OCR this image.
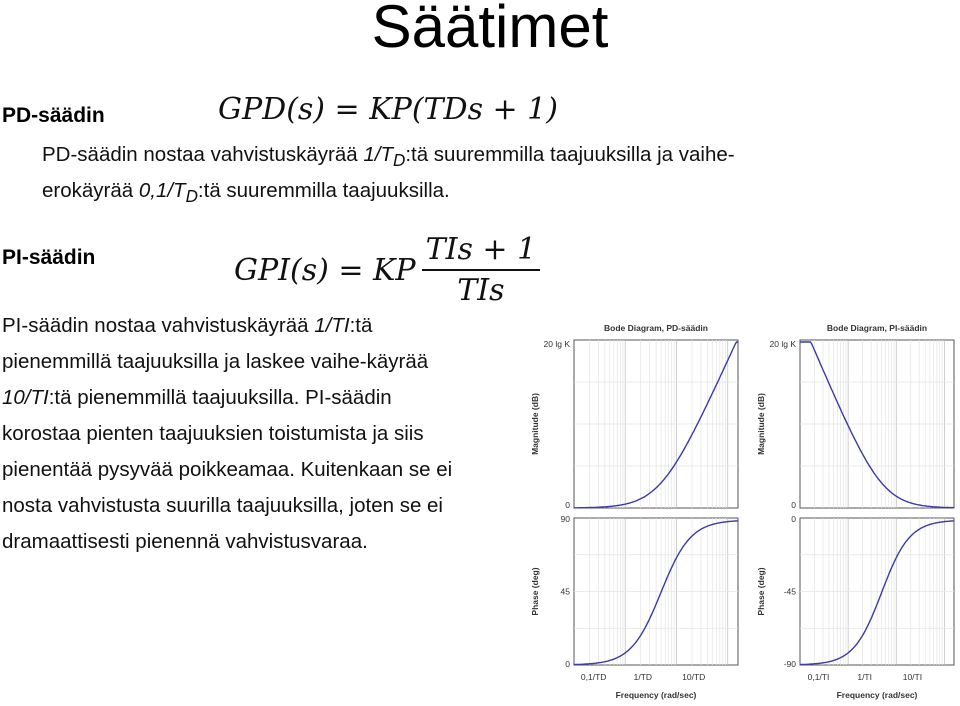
Säätimet
PD-säädin	GPD(s) = KP(TDs + 1)
PD-säädin nostaa vahvistuskäyrää $1/T_D:tä$ suuremmilla taajuuksilla ja vaihe-
erokäyrää $0,1/T_D:tä$ suuremmilla taajuuksilla.
PI-säädin	GPI(s) = KP $\frac{\text{TIs + 1}}{\text{TIs}}$
PI-säädin nostaa vahvistuskäyrää 1/TI:tä pienemmillä taajuuksilla ja laskee vaihe-käyrää 10/TI:tä pienemmillä taajuuksilla. PI-säädin korostaa pienten taajuuksien toistumista ja siis pienentää pysyvää poikkeamaa. Kuitenkaan se ei nosta vahvistusta suurilla taajuuksilla, joten se ei dramaattisesti pienennä vahvistusvaraa.
Bode Diagram, PD-säädin
20 lg K
0
Magnitude (dB)
90
45
0
Phase (deg)
0,1/TD	1/TD	10/TD
Frequency (rad/sec)
Bode Diagram, PI-säädin
20 lg K
0
Magnitude (dB)
0
-45
-90
Phase (deg)
0,1/TI	1/TI	10/TI
Frequency (rad/sec)
